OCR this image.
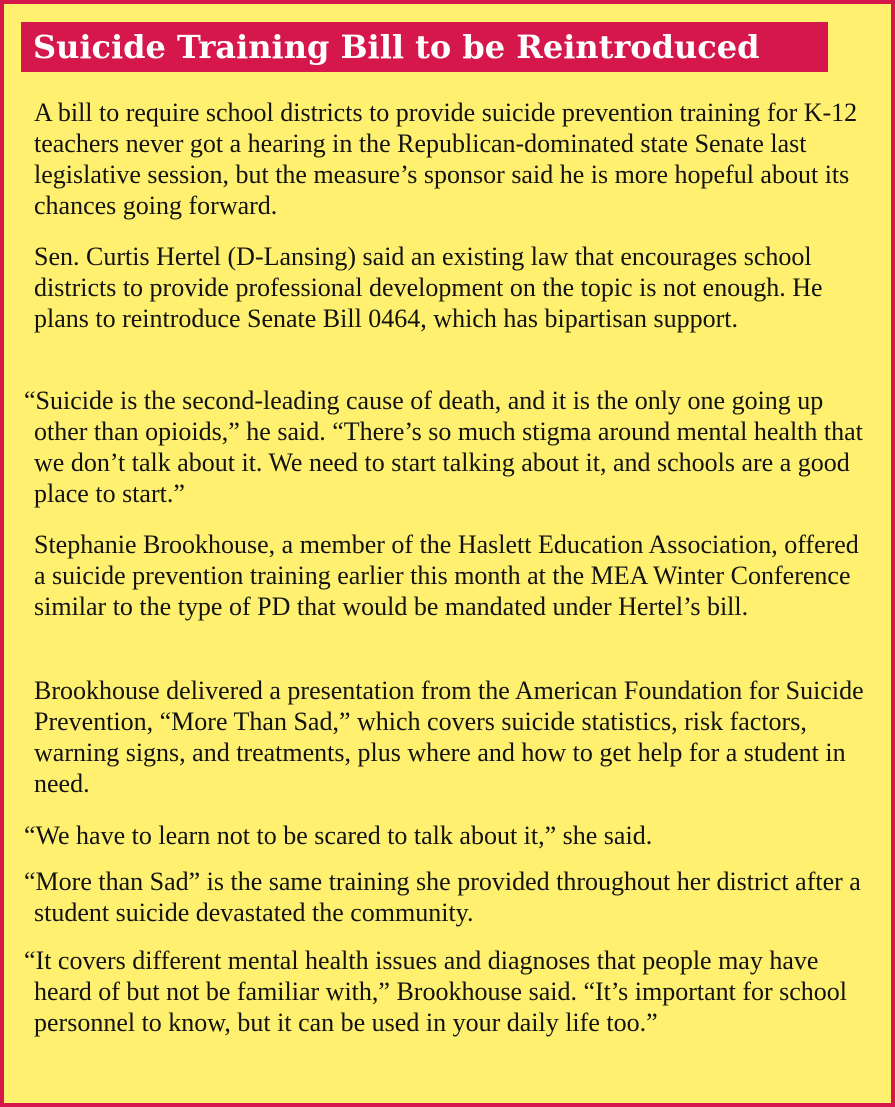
Suicide Training Bill to be Reintroduced

A bill to require school districts to provide suicide prevention training for K-12 teachers never got a hearing in the Republican-dominated state Senate last legislative session, but the measure’s sponsor said he is more hopeful about its chances going forward.

Sen. Curtis Hertel (D-Lansing) said an existing law that encourages school districts to provide professional development on the topic is not enough. He plans to reintroduce Senate Bill 0464, which has bipartisan support.

“Suicide is the second-leading cause of death, and it is the only one going up other than opioids,” he said. “There’s so much stigma around mental health that we don’t talk about it. We need to start talking about it, and schools are a good place to start.”

Stephanie Brookhouse, a member of the Haslett Education Association, offered a suicide prevention training earlier this month at the MEA Winter Conference similar to the type of PD that would be mandated under Hertel’s bill.

Brookhouse delivered a presentation from the American Foundation for Suicide Prevention, “More Than Sad,” which covers suicide statistics, risk factors, warning signs, and treatments, plus where and how to get help for a student in need.

“We have to learn not to be scared to talk about it,” she said.

“More than Sad” is the same training she provided throughout her district after a student suicide devastated the community.

“It covers different mental health issues and diagnoses that people may have heard of but not be familiar with,” Brookhouse said. “It’s important for school personnel to know, but it can be used in your daily life too.”
